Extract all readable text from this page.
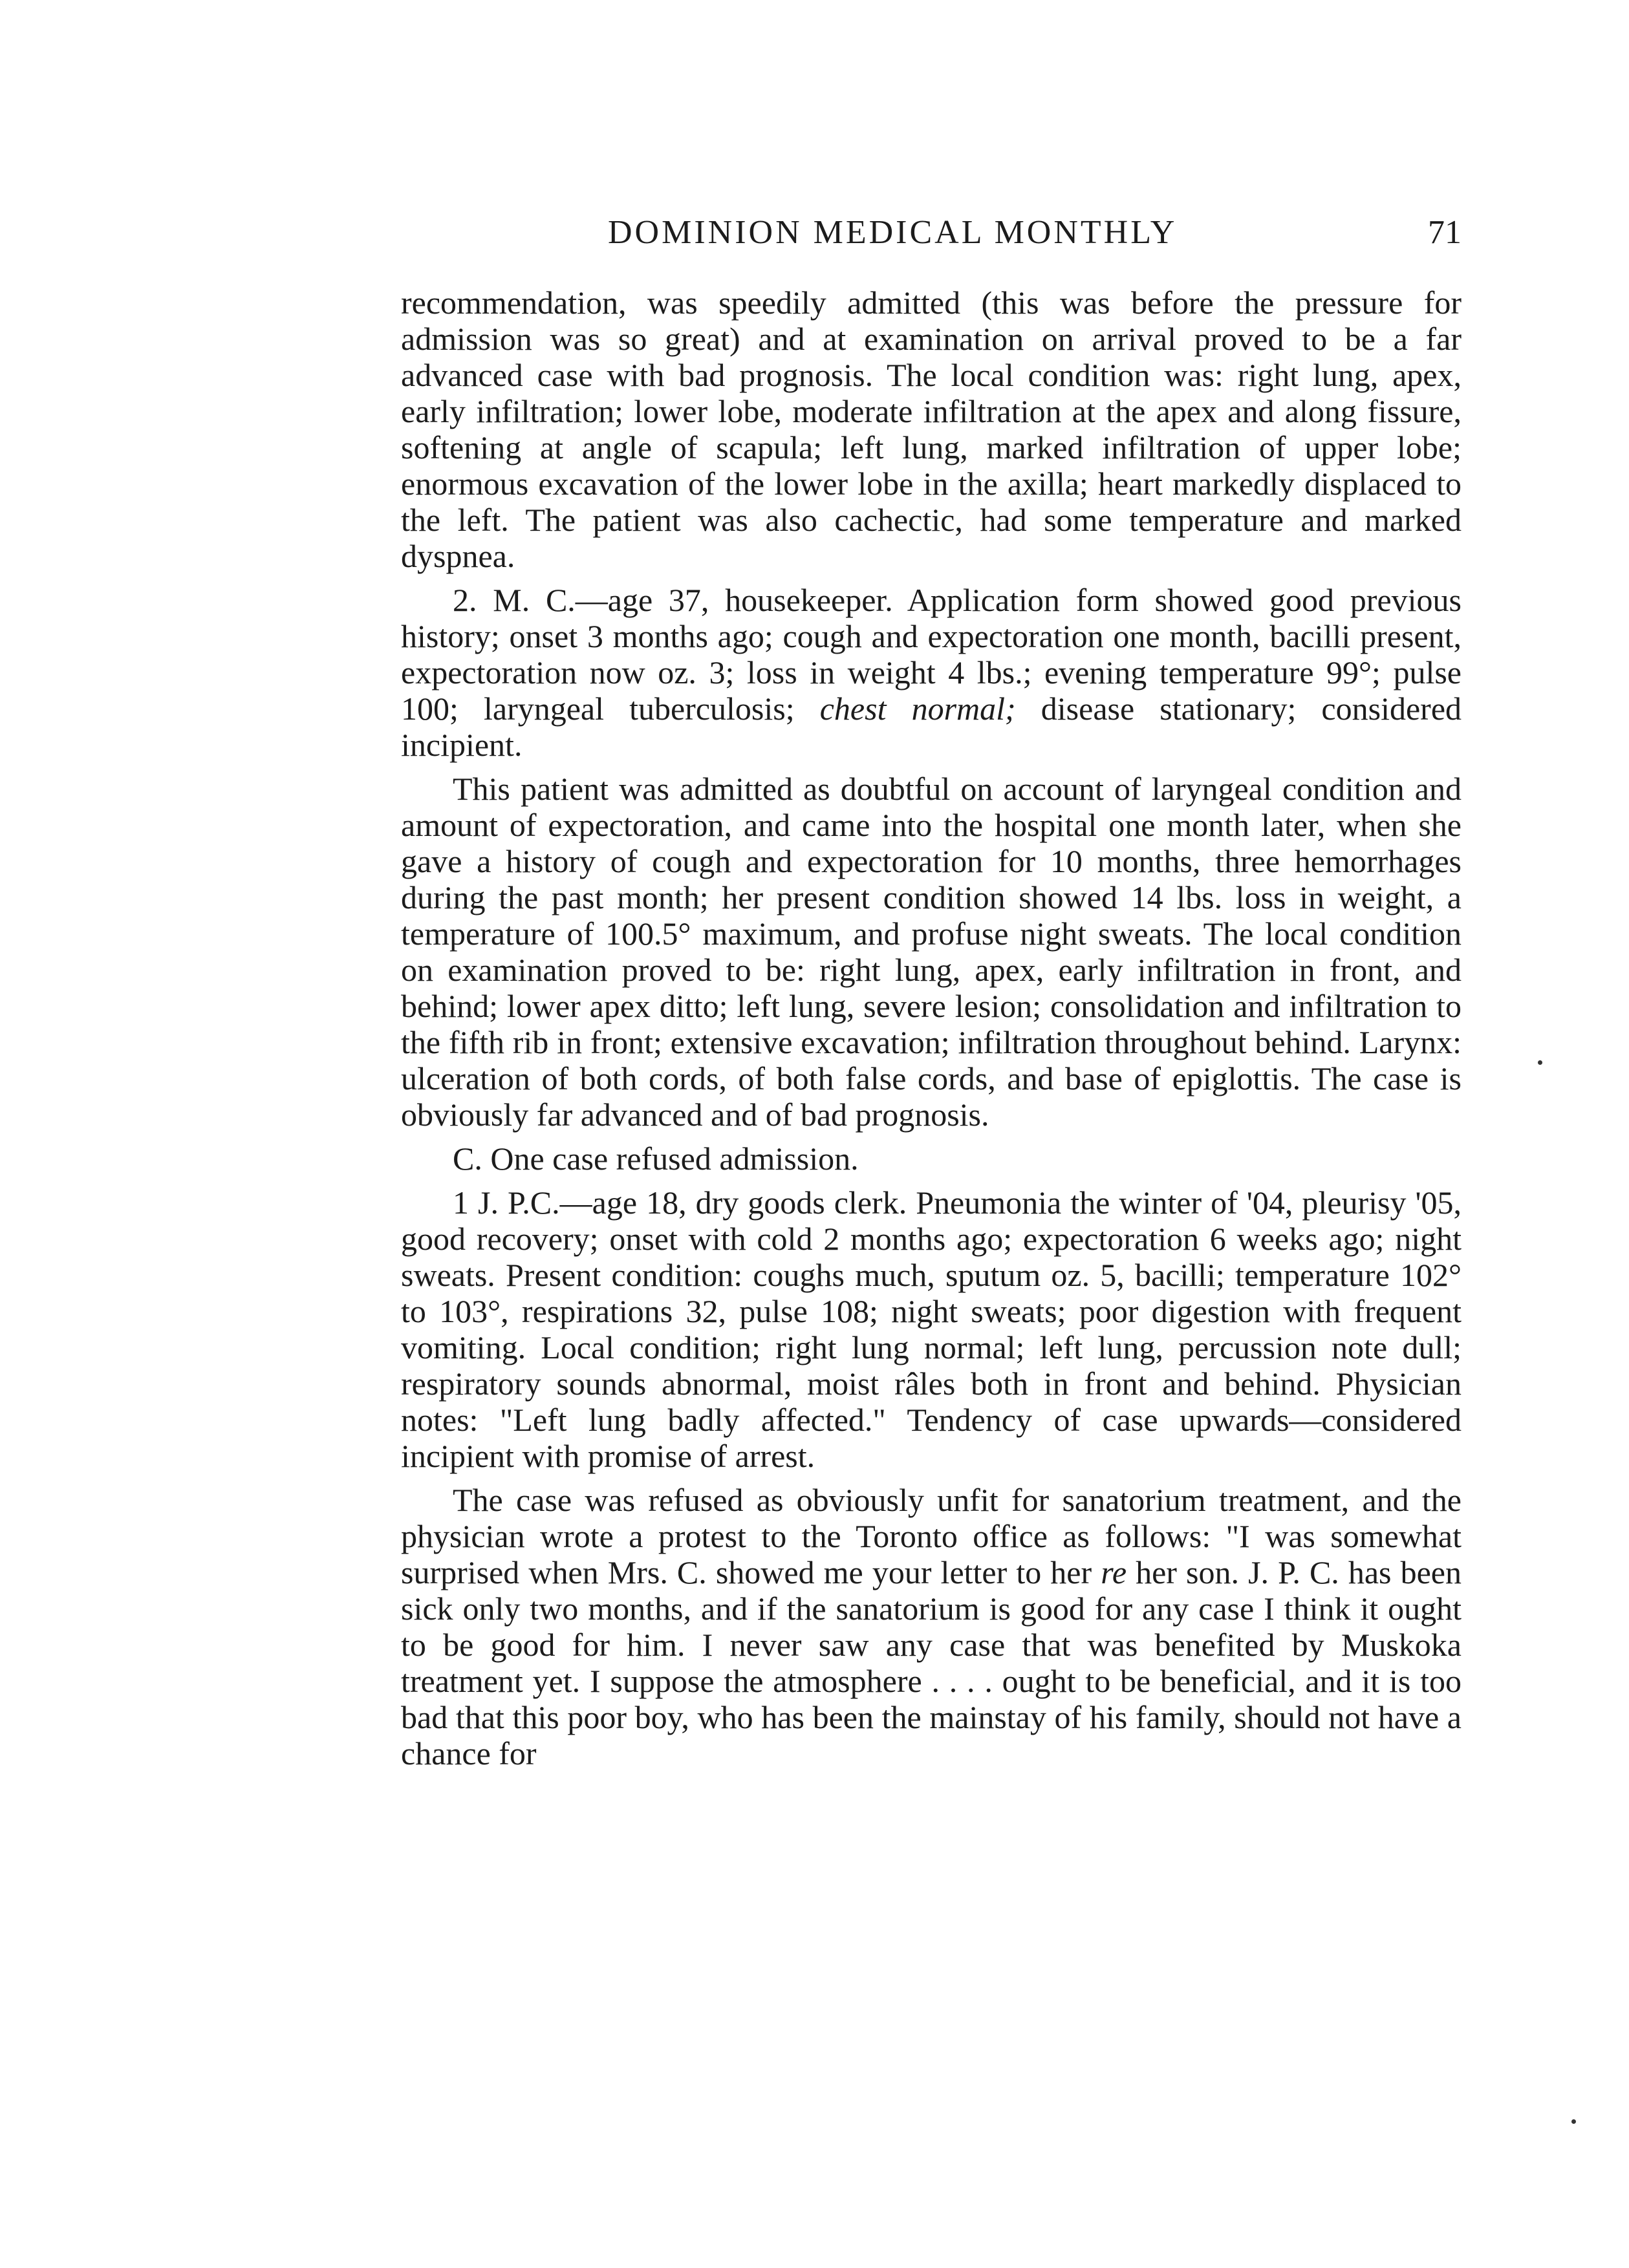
DOMINION MEDICAL MONTHLY	71

recommendation, was speedily admitted (this was before the pressure for admission was so great) and at examination on arrival proved to be a far advanced case with bad prognosis. The local condition was: right lung, apex, early infiltration; lower lobe, moderate infiltration at the apex and along fissure, softening at angle of scapula; left lung, marked infiltration of upper lobe; enormous excavation of the lower lobe in the axilla; heart markedly displaced to the left. The patient was also cachectic, had some temperature and marked dyspnea.

2. M. C.—age 37, housekeeper. Application form showed good previous history; onset 3 months ago; cough and expectoration one month, bacilli present, expectoration now oz. 3; loss in weight 4 lbs.; evening temperature 99°; pulse 100; laryngeal tuberculosis; chest normal; disease stationary; considered incipient.

This patient was admitted as doubtful on account of laryngeal condition and amount of expectoration, and came into the hospital one month later, when she gave a history of cough and expectoration for 10 months, three hemorrhages during the past month; her present condition showed 14 lbs. loss in weight, a temperature of 100.5° maximum, and profuse night sweats. The local condition on examination proved to be: right lung, apex, early infiltration in front, and behind; lower apex ditto; left lung, severe lesion; consolidation and infiltration to the fifth rib in front; extensive excavation; infiltration throughout behind. Larynx: ulceration of both cords, of both false cords, and base of epiglottis. The case is obviously far advanced and of bad prognosis.

C. One case refused admission.

1 J. P.C.—age 18, dry goods clerk. Pneumonia the winter of '04, pleurisy '05, good recovery; onset with cold 2 months ago; expectoration 6 weeks ago; night sweats. Present condition: coughs much, sputum oz. 5, bacilli; temperature 102° to 103°, respirations 32, pulse 108; night sweats; poor digestion with frequent vomiting. Local condition; right lung normal; left lung, percussion note dull; respiratory sounds abnormal, moist râles both in front and behind. Physician notes: "Left lung badly affected." Tendency of case upwards—considered incipient with promise of arrest.

The case was refused as obviously unfit for sanatorium treatment, and the physician wrote a protest to the Toronto office as follows: "I was somewhat surprised when Mrs. C. showed me your letter to her re her son. J. P. C. has been sick only two months, and if the sanatorium is good for any case I think it ought to be good for him. I never saw any case that was benefited by Muskoka treatment yet. I suppose the atmosphere . . . . ought to be beneficial, and it is too bad that this poor boy, who has been the mainstay of his family, should not have a chance for
